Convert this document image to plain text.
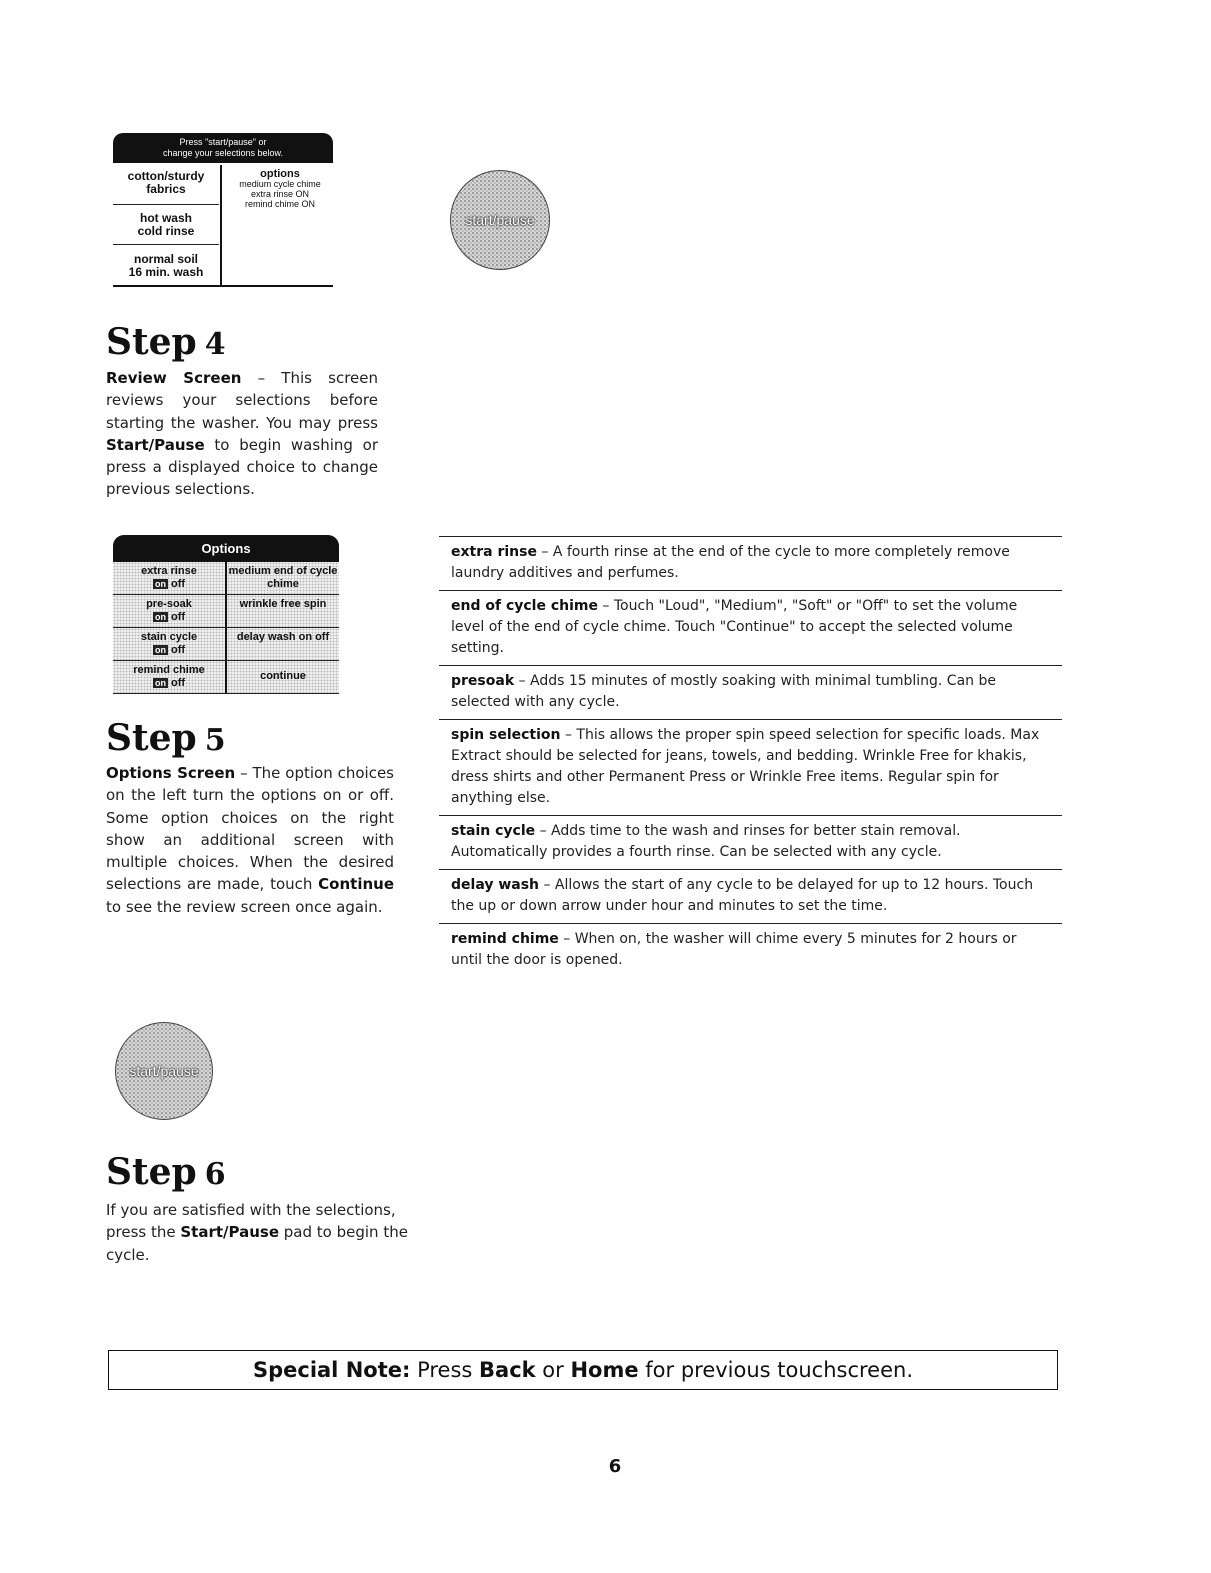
Press "start/pause" or
change your selections below.
cotton/sturdy
fabrics
hot wash
cold rinse
normal soil
16 min. wash
options
medium cycle chime
extra rinse ON
remind chime ON
start/pause
Step 4
Review Screen – This screen reviews your selections before starting the washer. You may press Start/Pause to begin washing or press a displayed choice to change previous selections.
Options
extra rinse
on off
medium end of cycle chime
pre-soak
on off
wrinkle free spin
stain cycle
on off
delay wash on off
remind chime
on off
continue
Step 5
Options Screen – The option choices on the left turn the options on or off. Some option choices on the right show an additional screen with multiple choices. When the desired selections are made, touch Continue to see the review screen once again.
extra rinse – A fourth rinse at the end of the cycle to more completely remove laundry additives and perfumes.
end of cycle chime – Touch "Loud", "Medium", "Soft" or "Off" to set the volume level of the end of cycle chime. Touch "Continue" to accept the selected volume setting.
presoak – Adds 15 minutes of mostly soaking with minimal tumbling. Can be selected with any cycle.
spin selection – This allows the proper spin speed selection for specific loads. Max Extract should be selected for jeans, towels, and bedding. Wrinkle Free for khakis, dress shirts and other Permanent Press or Wrinkle Free items. Regular spin for anything else.
stain cycle – Adds time to the wash and rinses for better stain removal. Automatically provides a fourth rinse. Can be selected with any cycle.
delay wash – Allows the start of any cycle to be delayed for up to 12 hours. Touch the up or down arrow under hour and minutes to set the time.
remind chime – When on, the washer will chime every 5 minutes for 2 hours or until the door is opened.
start/pause
Step 6
If you are satisfied with the selections, press the Start/Pause pad to begin the cycle.
Special Note: Press Back or Home for previous touchscreen.
6
